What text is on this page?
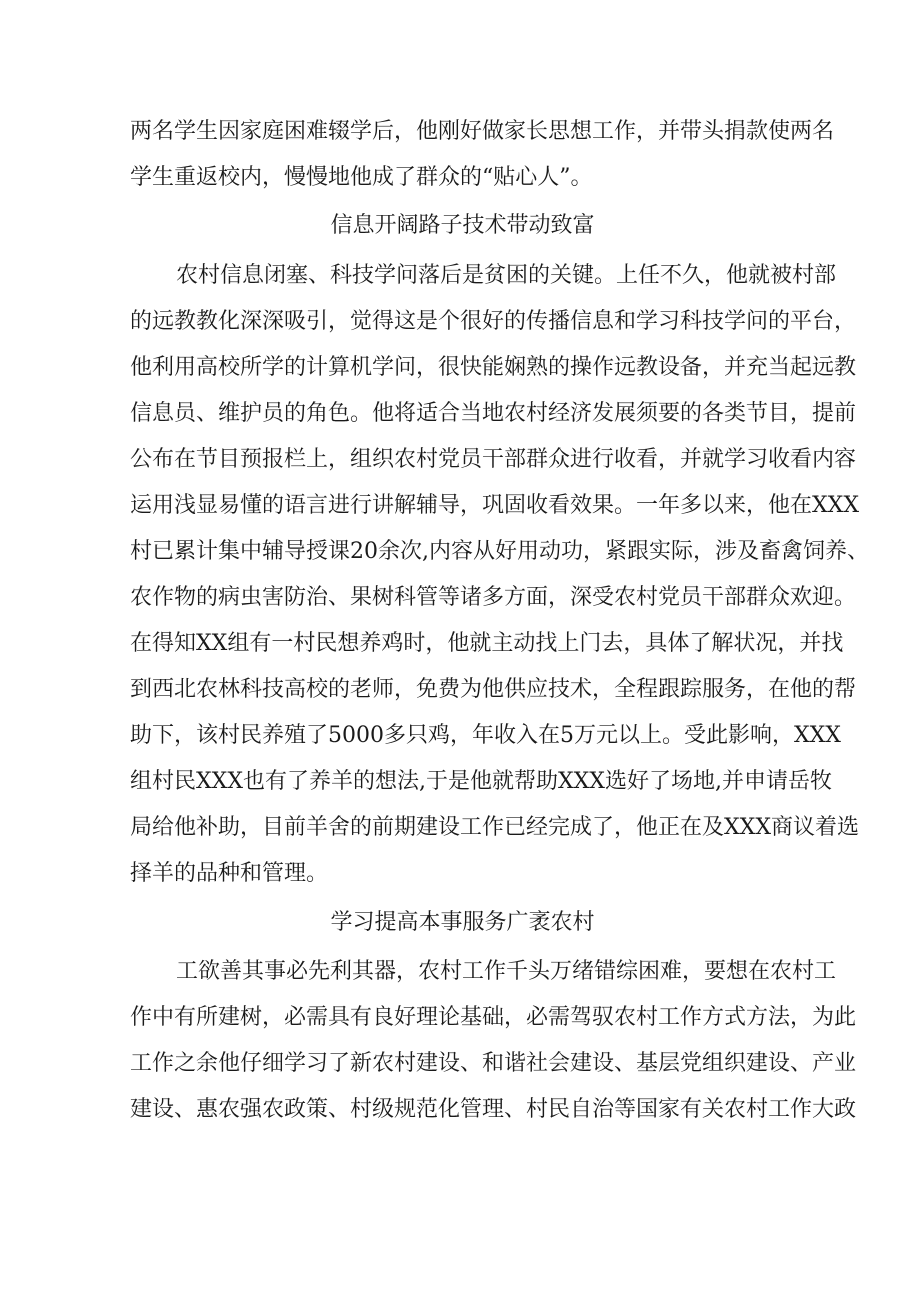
两名学生因家庭困难辍学后，他刚好做家长思想工作，并带头捐款使两名
学生重返校内，慢慢地他成了群众的“贴心人”。
信息开阔路子技术带动致富
农村信息闭塞、科技学问落后是贫困的关键。上任不久，他就被村部
的远教教化深深吸引，觉得这是个很好的传播信息和学习科技学问的平台，
他利用高校所学的计算机学问，很快能娴熟的操作远教设备，并充当起远教
信息员、维护员的角色。他将适合当地农村经济发展须要的各类节目，提前
公布在节目预报栏上，组织农村党员干部群众进行收看，并就学习收看内容
运用浅显易懂的语言进行讲解辅导，巩固收看效果。一年多以来，他在XXX
村已累计集中辅导授课20余次,内容从好用动功，紧跟实际，涉及畜禽饲养、
农作物的病虫害防治、果树科管等诸多方面，深受农村党员干部群众欢迎。
在得知XX组有一村民想养鸡时，他就主动找上门去，具体了解状况，并找
到西北农林科技高校的老师，免费为他供应技术，全程跟踪服务，在他的帮
助下，该村民养殖了5000多只鸡，年收入在5万元以上。受此影响，XXX
组村民XXX也有了养羊的想法,于是他就帮助XXX选好了场地,并申请岳牧
局给他补助，目前羊舍的前期建设工作已经完成了，他正在及XXX商议着选
择羊的品种和管理。
学习提高本事服务广袤农村
工欲善其事必先利其器，农村工作千头万绪错综困难，要想在农村工
作中有所建树，必需具有良好理论基础，必需驾驭农村工作方式方法，为此
工作之余他仔细学习了新农村建设、和谐社会建设、基层党组织建设、产业
建设、惠农强农政策、村级规范化管理、村民自治等国家有关农村工作大政
